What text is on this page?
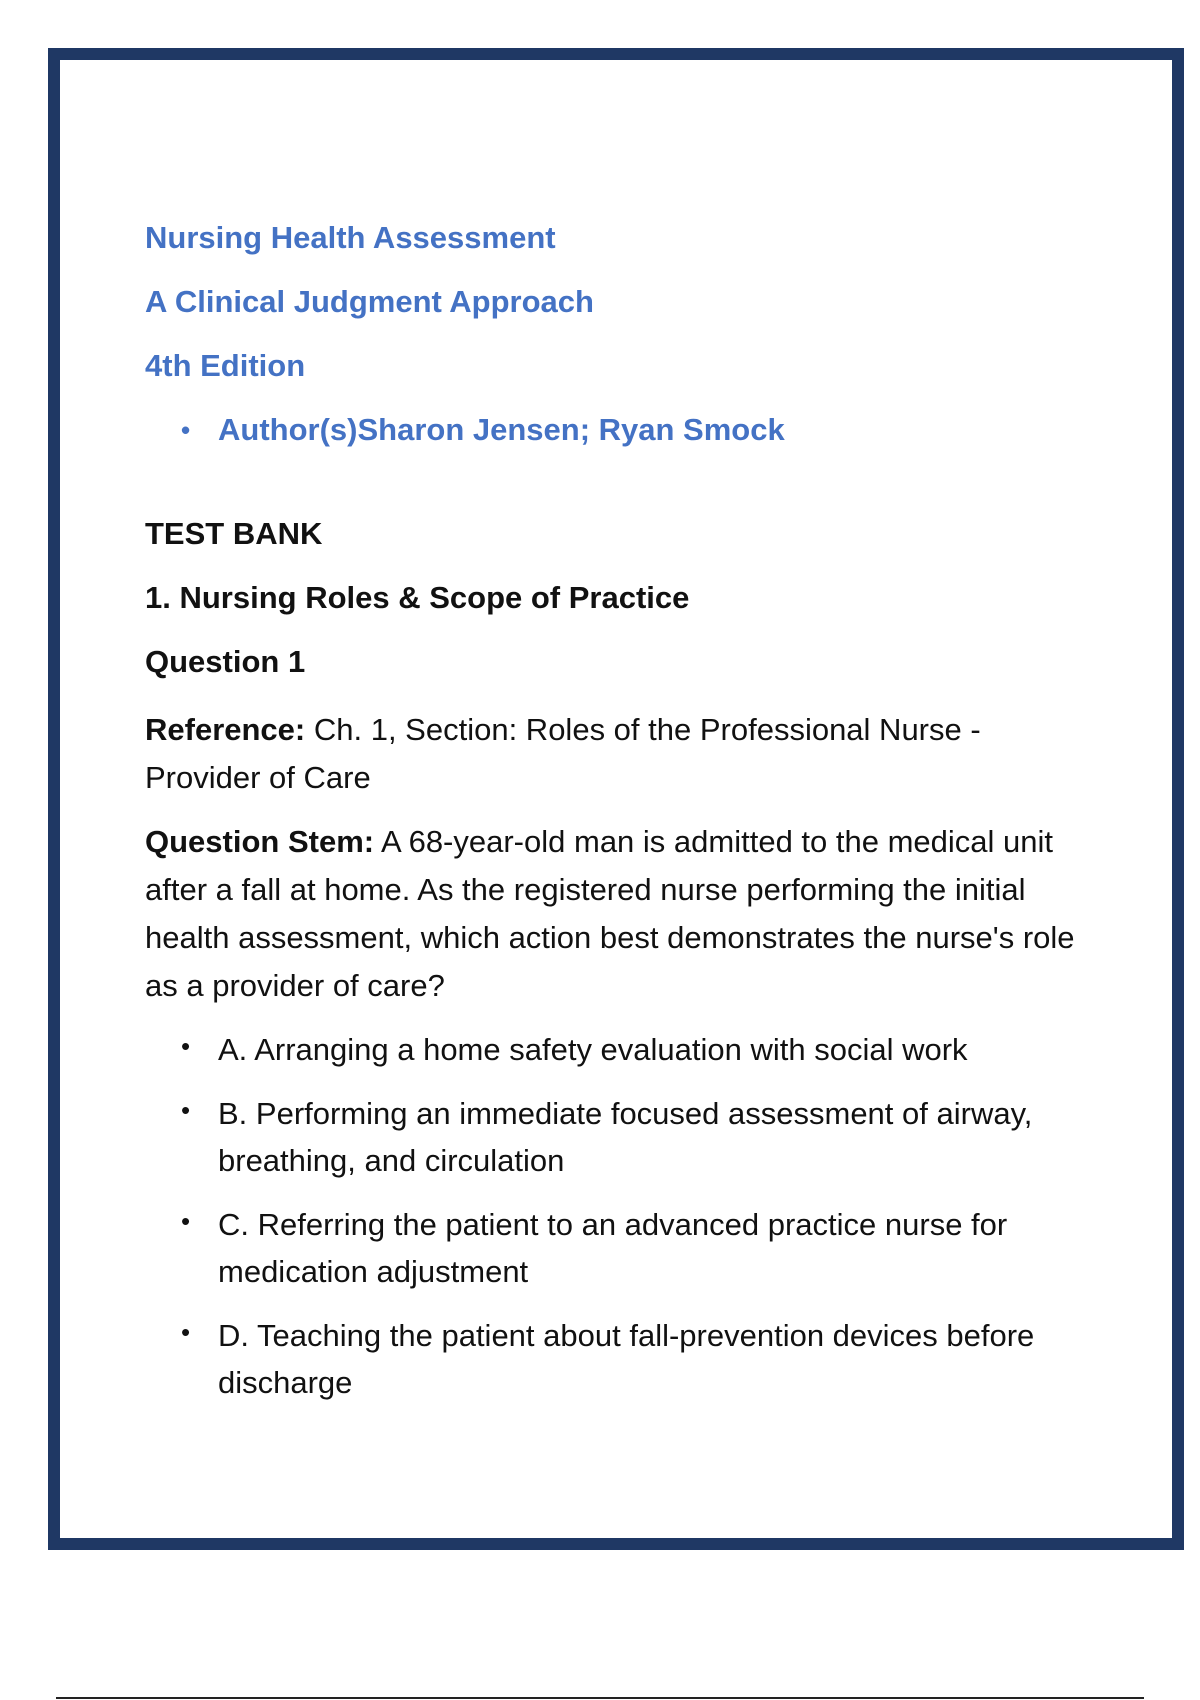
Nursing Health Assessment
A Clinical Judgment Approach
4th Edition
• Author(s)Sharon Jensen; Ryan Smock
TEST BANK
1. Nursing Roles & Scope of Practice
Question 1

Reference: Ch. 1, Section: Roles of the Professional Nurse - Provider of Care

Question Stem: A 68-year-old man is admitted to the medical unit after a fall at home. As the registered nurse performing the initial health assessment, which action best demonstrates the nurse's role as a provider of care?

• A. Arranging a home safety evaluation with social work
• B. Performing an immediate focused assessment of airway, breathing, and circulation
• C. Referring the patient to an advanced practice nurse for medication adjustment
• D. Teaching the patient about fall-prevention devices before discharge
